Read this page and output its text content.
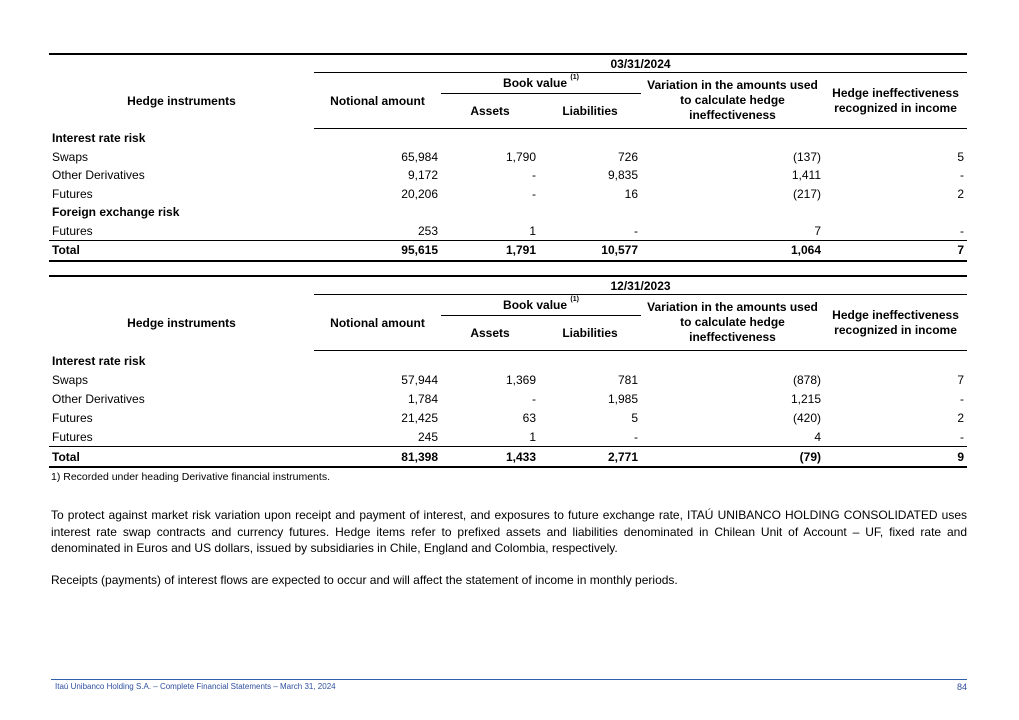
	03/31/2024				
Hedge instruments	Notional amount	Book value $^{(1)}$		Variation in the amounts used to calculate hedge ineffectiveness	Hedge ineffectiveness recognized in income
		Assets	Liabilities		
Interest rate risk					
Swaps	65,984	1,790	726	(137)	5
Other Derivatives	9,172	-	9,835	1,411	-
Futures	20,206	-	16	(217)	2
Foreign exchange risk					
Futures	253	1	-	7	-
Total	95,615	1,791	10,577	1,064	7
	12/31/2023				
Hedge instruments	Notional amount	Book value $^{(1)}$		Variation in the amounts used to calculate hedge ineffectiveness	Hedge ineffectiveness recognized in income
		Assets	Liabilities		
Interest rate risk					
Swaps	57,944	1,369	781	(878)	7
Other Derivatives	1,784	-	1,985	1,215	-
Futures	21,425	63	5	(420)	2
Futures	245	1	-	4	-
Total	81,398	1,433	2,771	(79)	9
1) Recorded under heading Derivative financial instruments.
To protect against market risk variation upon receipt and payment of interest, and exposures to future exchange rate, ITAÚ UNIBANCO HOLDING CONSOLIDATED uses interest rate swap contracts and currency futures. Hedge items refer to prefixed assets and liabilities denominated in Chilean Unit of Account – UF, fixed rate and denominated in Euros and US dollars, issued by subsidiaries in Chile, England and Colombia, respectively.
Receipts (payments) of interest flows are expected to occur and will affect the statement of income in monthly periods.
Itaú Unibanco Holding S.A. – Complete Financial Statements – March 31, 2024	84
